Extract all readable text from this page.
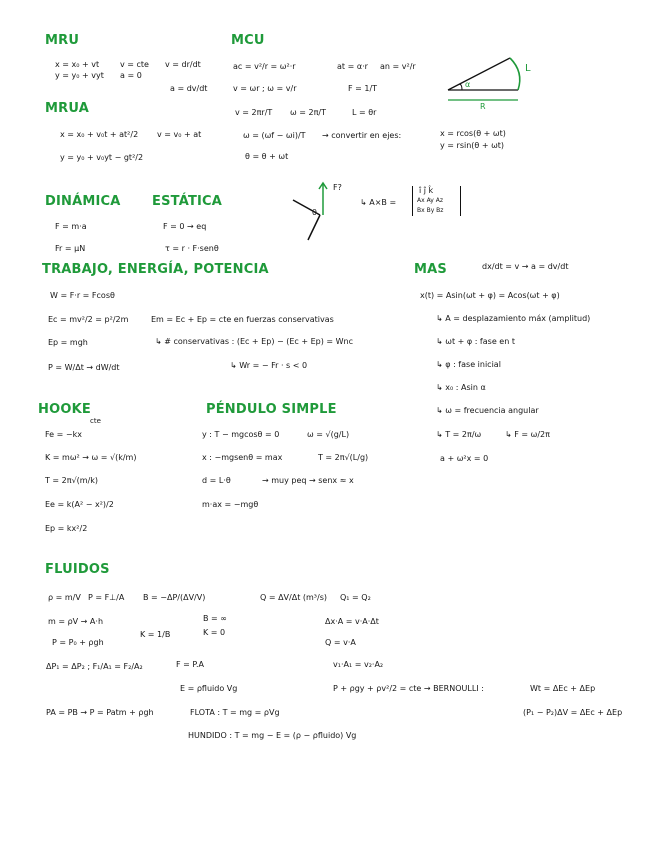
MRU
x = x₀ + vt	v = cte v = dr/dt
y = y₀ + vyt a = 0
a = dv/dt
MCU
ac = v²/r = ω²·r	at = α·r an = v²/r
v = ωr ; ω = v/r	F = 1/T
v = 2πr/T ω = 2π/T	L = θr
ω = (ωf − ωi)/T → convertir en ejes:	x = rcos(θ + ωt)
y = rsin(θ + ωt)
θ = θ + ωt
α
L
R
MRUA
x = x₀ + v₀t + at²/2 v = v₀ + at
y = y₀ + v₀yt − gt²/2
DINÁMICA ESTÁTICA
F = m·a
Fr = μN
F = 0 → eq
τ = r · F·senθ
F?
θ
↳ A×B =
î ĵ k̂
Ax Ay Az
Bx By Bz
TRABAJO, ENERGÍA, POTENCIA
W = F·r = Fcosθ
Ec = mv²/2 = p²/2m	Em = Ec + Ep = cte en fuerzas conservativas
Ep = mgh	↳ # conservativas : (Ec + Ep) − (Ec + Ep) = Wnc
P = W/Δt → dW/dt	↳ Wr = − Fr · s < 0
MAS	dx/dt = v → a = dv/dt
x(t) = Asin(ωt + φ) = Acos(ωt + φ)
↳ A = desplazamiento máx (amplitud)
↳ ωt + φ : fase en t
↳ φ : fase inicial
↳ x₀ : Asin α
↳ ω = frecuencia angular
↳ T = 2π/ω	↳ F = ω/2π
a + ω²x = 0
HOOKE
cte
Fe = −kx
K = mω² → ω = √(k/m)
T = 2π√(m/k)
Ee = k(A² − x²)/2
Ep = kx²/2
PÉNDULO SIMPLE
y : T − mgcosθ = 0	ω = √(g/L)
x : −mgsenθ = max	T = 2π√(L/g)
d = L·θ	→ muy peq → senx ≈ x
m·ax = −mgθ
FLUIDOS
ρ = m/V P = F⊥/A B = −ΔP/(ΔV/V)	Q = ΔV/Δt (m³/s) Q₁ = Q₂
m = ρV → A·h	B = ∞
K = 1/B	K = 0
Δx·A = v·A·Δt
P = P₀ + ρgh	Q = v·A
ΔP₁ = ΔP₂ ; F₁/A₁ = F₂/A₂	F = P.A	v₁·A₁ = v₂·A₂
E = ρfluido Vg	P + ρgy + ρv²/2 = cte → BERNOULLI :	Wt = ΔEc + ΔEp
PA = PB → P = Patm + ρgh	FLOTA : T = mg = ρVg	(P₁ − P₂)ΔV = ΔEc + ΔEp
HUNDIDO : T = mg − E = (ρ − ρfluido) Vg
